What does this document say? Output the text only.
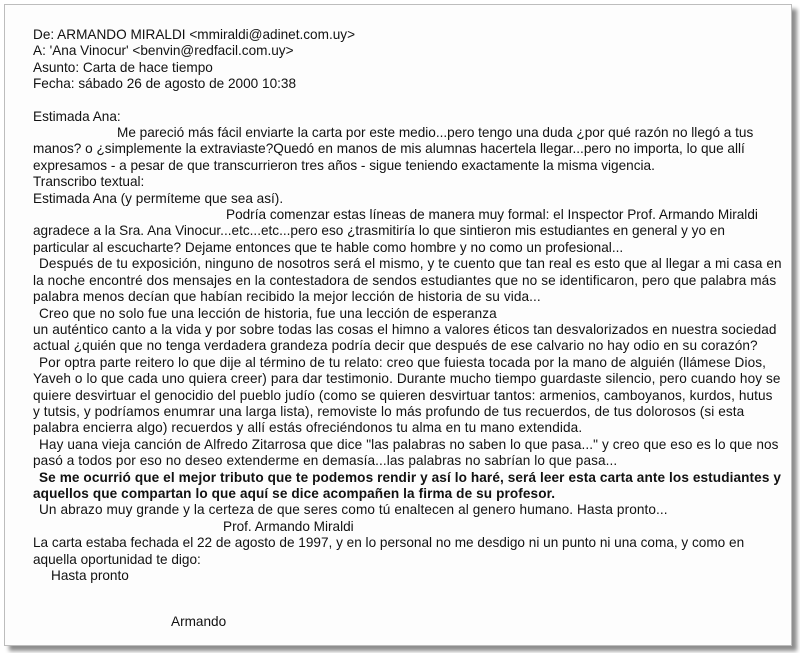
De: ARMANDO MIRALDI <mmiraldi@adinet.com.uy>
A: 'Ana Vinocur' <benvin@redfacil.com.uy>
Asunto: Carta de hace tiempo
Fecha: sábado 26 de agosto de 2000 10:38

Estimada Ana:

Me pareció más fácil enviarte la carta por este medio...pero tengo una duda ¿por qué razón no llegó a tus manos? o ¿simplemente la extraviaste?Quedó en manos de mis alumnas hacertela llegar...pero no importa, lo que allí expresamos - a pesar de que transcurrieron tres años - sigue teniendo exactamente la misma vigencia.

Transcribo textual:

Estimada Ana (y permíteme que sea así).

Podría comenzar estas líneas de manera muy formal: el Inspector Prof. Armando Miraldi agradece a la Sra. Ana Vinocur...etc...etc...pero eso ¿trasmitiría lo que sintieron mis estudiantes en general y yo en particular al escucharte? Dejame entonces que te hable como hombre y no como un profesional...

Después de tu exposición, ninguno de nosotros será el mismo, y te cuento que tan real es esto que al llegar a mi casa en la noche encontré dos mensajes en la contestadora de sendos estudiantes que no se identificaron, pero que palabra más palabra menos decían que habían recibido la mejor lección de historia de su vida...

Creo que no solo fue una lección de historia, fue una lección de esperanza

un auténtico canto a la vida y por sobre todas las cosas el himno a valores éticos tan desvalorizados en nuestra sociedad actual ¿quién que no tenga verdadera grandeza podría decir que después de ese calvario no hay odio en su corazón?

Por optra parte reitero lo que dije al término de tu relato: creo que fuiesta tocada por la mano de alguién (llámese Dios, Yaveh o lo que cada uno quiera creer) para dar testimonio. Durante mucho tiempo guardaste silencio, pero cuando hoy se quiere desvirtuar el genocidio del pueblo judío (como se quieren desvirtuar tantos: armenios, camboyanos, kurdos, hutus y tutsis, y podríamos enumrar una larga lista), removiste lo más profundo de tus recuerdos, de tus dolorosos (si esta palabra encierra algo) recuerdos y allí estás ofreciéndonos tu alma en tu mano extendida.

Hay uana vieja canción de Alfredo Zitarrosa que dice "las palabras no saben lo que pasa..." y creo que eso es lo que nos pasó a todos por eso no deseo extenderme en demasía...las palabras no sabrían lo que pasa...

Se me ocurrió que el mejor tributo que te podemos rendir y así lo haré, será leer esta carta ante los estudiantes y aquellos que compartan lo que aquí se dice acompañen la firma de su profesor.

Un abrazo muy grande y la certeza de que seres como tú enaltecen al genero humano. Hasta pronto...

Prof. Armando Miraldi

La carta estaba fechada el 22 de agosto de 1997, y en lo personal no me desdigo ni un punto ni una coma, y como en aquella oportunidad te digo:

Hasta pronto

Armando
